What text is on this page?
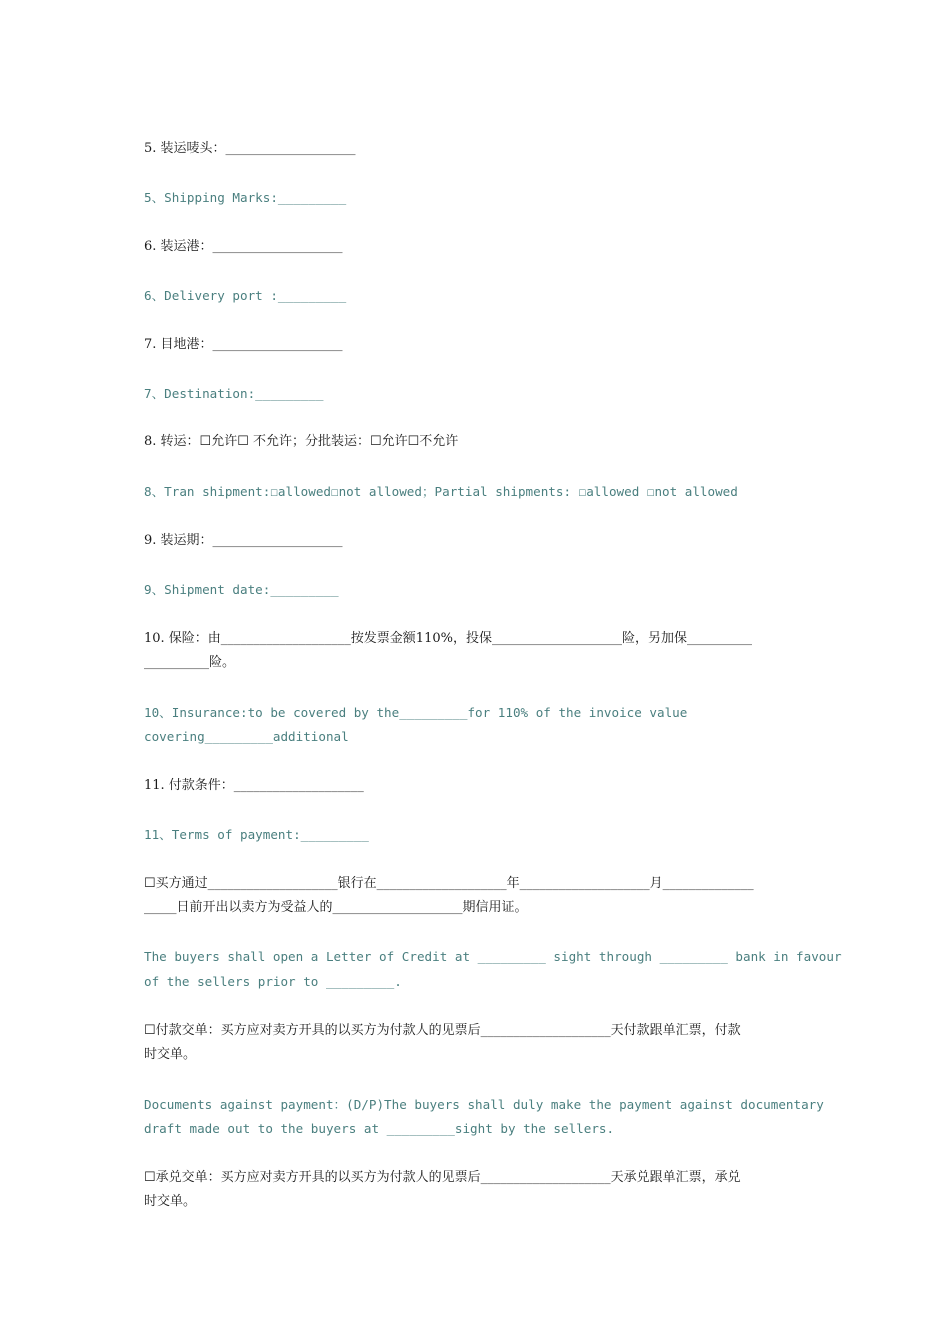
5. 装运唛头：____________________
5、Shipping Marks:_________
6. 装运港：____________________
6、Delivery port :_________
7. 目地港：____________________
7、Destination:_________
8. 转运：☐允许☐ 不允许；分批装运：☐允许☐不允许
8、Tran shipment:☐allowed☐not allowed；Partial shipments: ☐allowed ☐not allowed
9. 装运期：____________________
9、Shipment date:_________
10. 保险：由____________________按发票金额110%，投保____________________险，另加保__________
__________险。
10、Insurance:to be covered by the_________for 110% of the invoice value
covering_________additional
11. 付款条件：____________________
11、Terms of payment:_________
☐买方通过____________________银行在____________________年____________________月______________
_____日前开出以卖方为受益人的____________________期信用证。
The buyers shall open a Letter of Credit at _________ sight through _________ bank in favour
of the sellers prior to _________.
☐付款交单：买方应对卖方开具的以买方为付款人的见票后____________________天付款跟单汇票，付款
时交单。
Documents against payment：(D/P)The buyers shall duly make the payment against documentary
draft made out to the buyers at _________sight by the sellers.
☐承兑交单：买方应对卖方开具的以买方为付款人的见票后____________________天承兑跟单汇票，承兑
时交单。
